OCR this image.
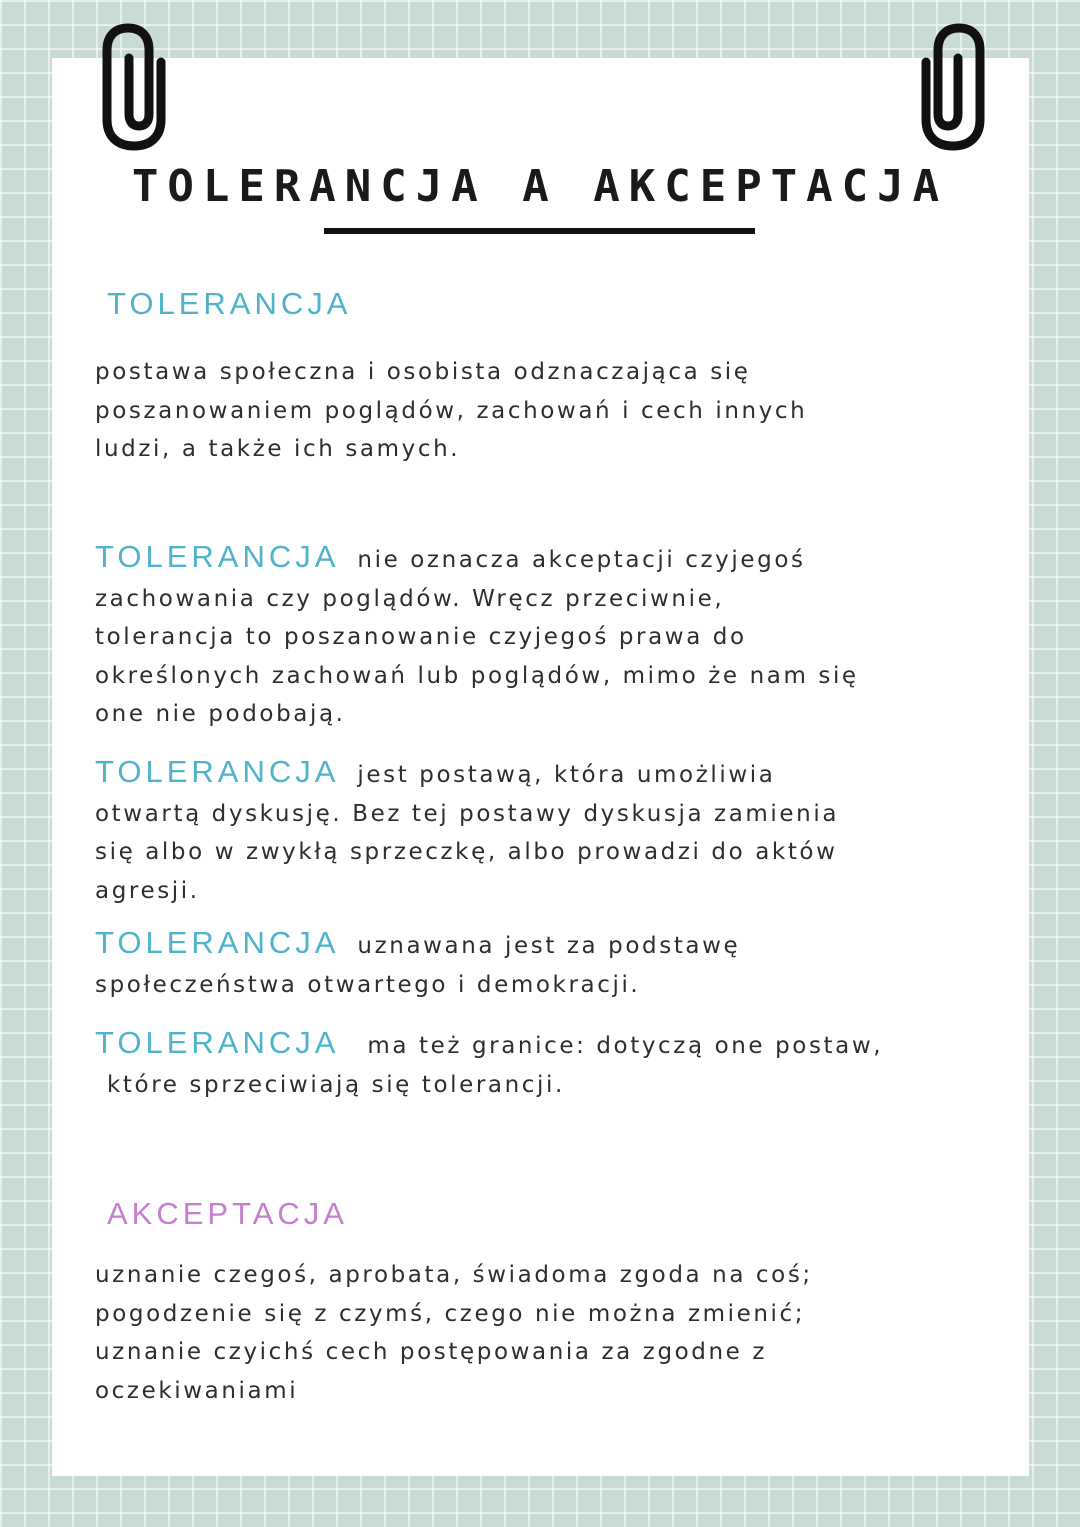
TOLERANCJA A AKCEPTACJA
TOLERANCJA

postawa społeczna i osobista odznaczająca się
poszanowaniem poglądów, zachowań i cech innych
ludzi, a także ich samych.

TOLERANCJA nie oznacza akceptacji czyjegoś
zachowania czy poglądów. Wręcz przeciwnie,
tolerancja to poszanowanie czyjegoś prawa do
określonych zachowań lub poglądów, mimo że nam się
one nie podobają.

TOLERANCJA jest postawą, która umożliwia
otwartą dyskusję. Bez tej postawy dyskusja zamienia
się albo w zwykłą sprzeczkę, albo prowadzi do aktów
agresji.

TOLERANCJA uznawana jest za podstawę
społeczeństwa otwartego i demokracji.

TOLERANCJA ma też granice: dotyczą one postaw,
które sprzeciwiają się tolerancji.

AKCEPTACJA

uznanie czegoś, aprobata, świadoma zgoda na coś;
pogodzenie się z czymś, czego nie można zmienić;
uznanie czyichś cech postępowania za zgodne z
oczekiwaniami
